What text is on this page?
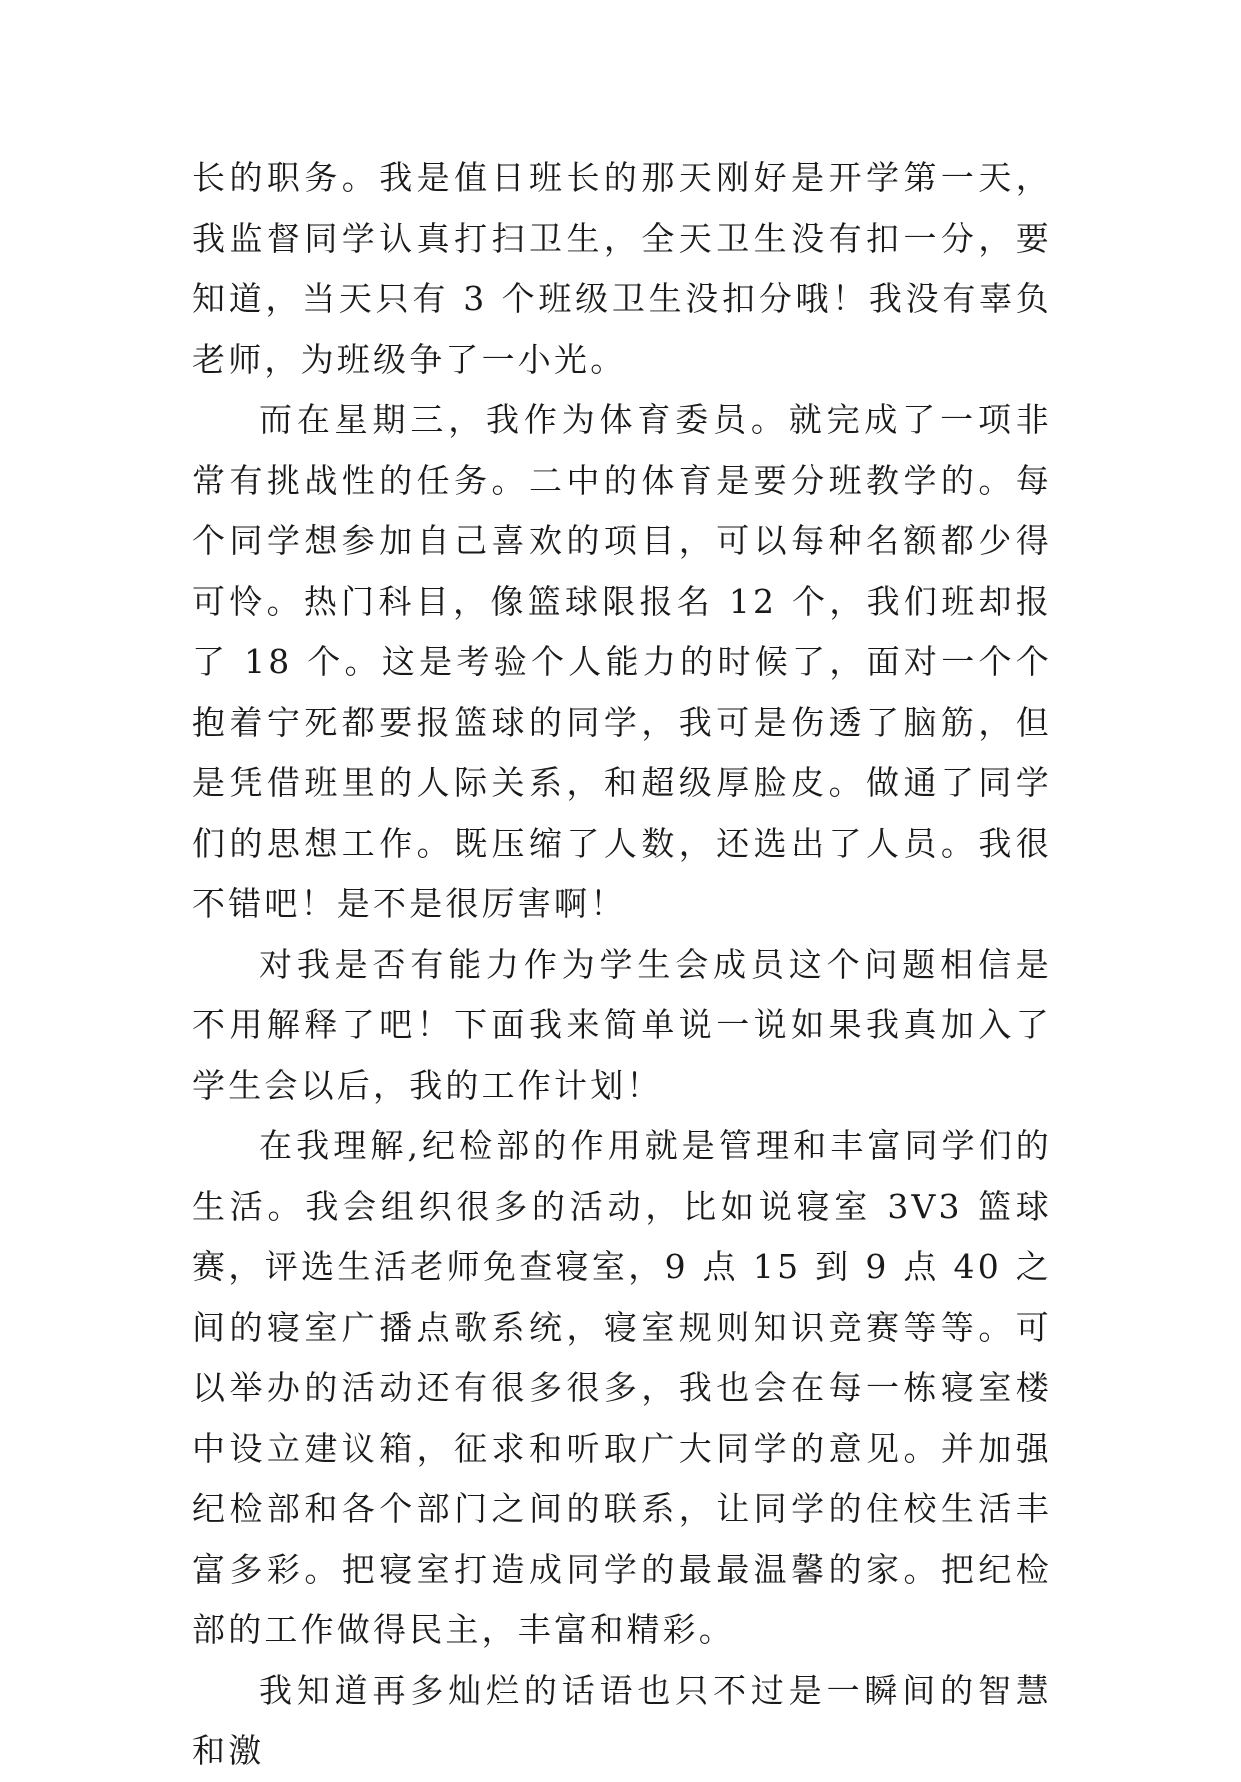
长的职务。我是值日班长的那天刚好是开学第一天，我监督同学认真打扫卫生，全天卫生没有扣一分，要知道，当天只有 3 个班级卫生没扣分哦！我没有辜负老师，为班级争了一小光。

而在星期三，我作为体育委员。就完成了一项非常有挑战性的任务。二中的体育是要分班教学的。每个同学想参加自己喜欢的项目，可以每种名额都少得可怜。热门科目，像篮球限报名 12 个，我们班却报了 18 个。这是考验个人能力的时候了，面对一个个抱着宁死都要报篮球的同学，我可是伤透了脑筋，但是凭借班里的人际关系，和超级厚脸皮。做通了同学们的思想工作。既压缩了人数，还选出了人员。我很不错吧！是不是很厉害啊！

对我是否有能力作为学生会成员这个问题相信是不用解释了吧！下面我来简单说一说如果我真加入了学生会以后，我的工作计划！

在我理解,纪检部的作用就是管理和丰富同学们的生活。我会组织很多的活动，比如说寝室 3V3 篮球赛，评选生活老师免查寝室，9 点 15 到 9 点 40 之间的寝室广播点歌系统，寝室规则知识竞赛等等。可以举办的活动还有很多很多，我也会在每一栋寝室楼中设立建议箱，征求和听取广大同学的意见。并加强纪检部和各个部门之间的联系，让同学的住校生活丰富多彩。把寝室打造成同学的最最温馨的家。把纪检部的工作做得民主，丰富和精彩。

我知道再多灿烂的话语也只不过是一瞬间的智慧和激
